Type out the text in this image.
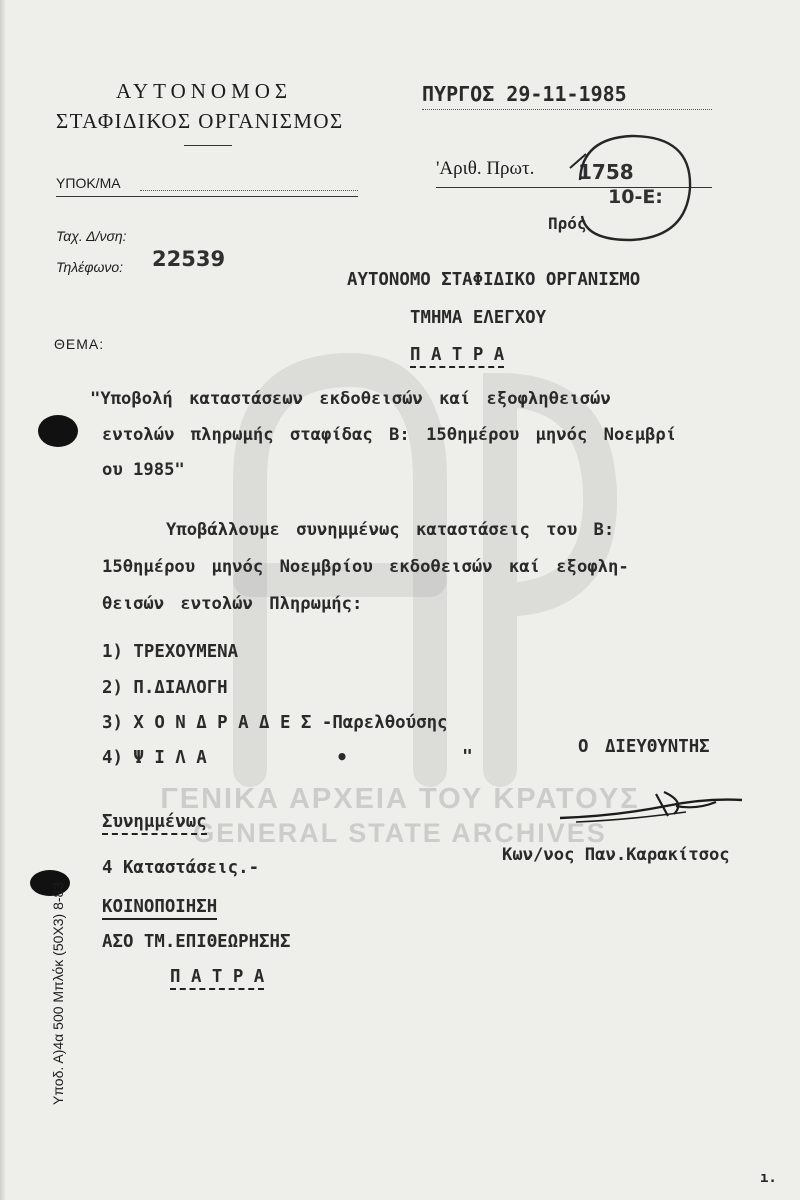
ΓΕΝΙΚΑ ΑΡΧΕΙΑ ΤΟΥ ΚΡΑΤΟΥΣ
GENERAL STATE ARCHIVES
ΑΥΤΟΝΟΜΟΣ
ΣΤΑΦΙΔΙΚΟΣ ΟΡΓΑΝΙΣΜΟΣ
ΥΠΟΚ/ΜΑ
Ταχ. Δ/νση:
Τηλέφωνο: 22539
ΠΥΡΓΟΣ 29-11-1985
'Αριθ. Πρωτ. 1758
10-Ε:
Πρός
ΑΥΤΟΝΟΜΟ ΣΤΑΦΙΔΙΚΟ ΟΡΓΑΝΙΣΜΟ
ΤΜΗΜΑ ΕΛΕΓΧΟΥ
Π Α Τ Ρ Α
ΘΕΜΑ:
"Υποβολή καταστάσεων εκδοθεισών καί εξοφληθεισών
εντολών πληρωμής σταφίδας Β: 15θημέρου μηνός Νοεμβρί
ου 1985"
Υποβάλλουμε συνημμένως καταστάσεις του Β:
15θημέρου μηνός Νοεμβρίου εκδοθεισών καί εξοφλη-
θεισών εντολών Πληρωμής:
1) ΤΡΕΧΟΥΜΕΝΑ
2) Π.ΔΙΑΛΟΓΗ
3) Χ Ο Ν Δ Ρ Α Δ Ε Σ -Παρελθούσης
4) Ψ Ι Λ Α	•	"	Ο ΔΙΕΥΘΥΝΤΗΣ
Κων/νος Παν.Καρακίτσος
Συνημμένως
4 Καταστάσεις.-
ΚΟΙΝΟΠΟΙΗΣΗ
ΑΣΟ ΤΜ.ΕΠΙΘΕΩΡΗΣΗΣ
Π Α Τ Ρ Α
Υποδ. Α)4α 500 Μπλόκ (50Χ3) 8-83
ı.
